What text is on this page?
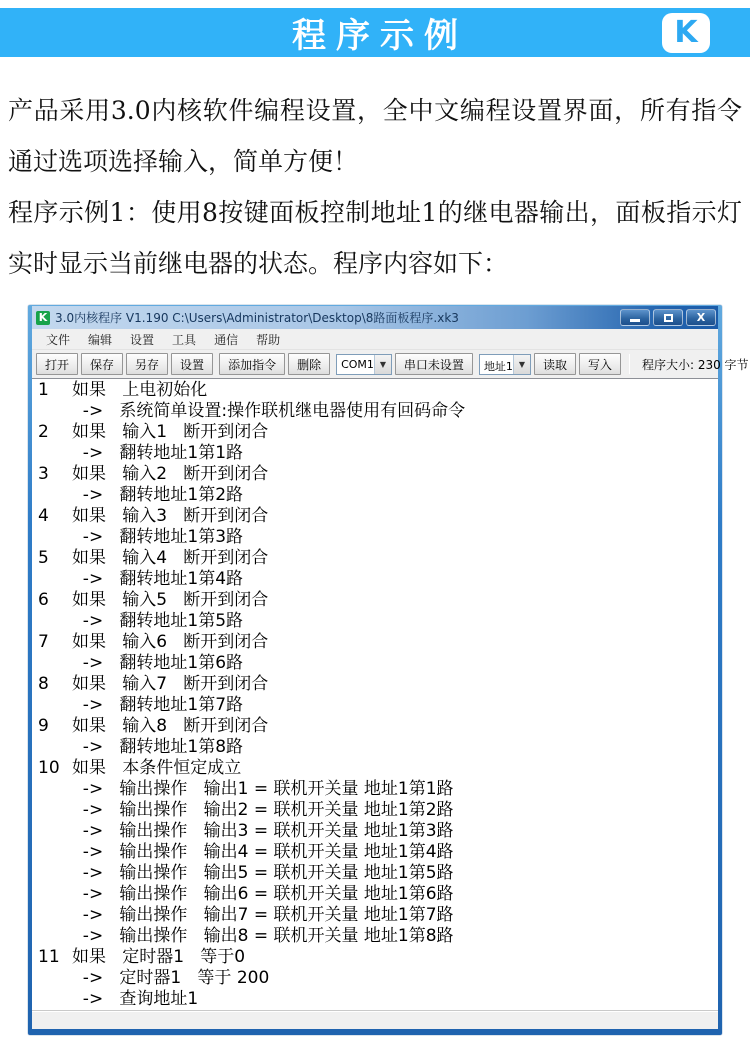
程序示例	K

产品采用3.0内核软件编程设置，全中文编程设置界面，所有指令通过选项选择输入，简单方便！

程序示例1：使用8按键面板控制地址1的继电器输出，面板指示灯实时显示当前继电器的状态。程序内容如下：

K 3.0内核程序 V1.190 C:\Users\Administrator\Desktop\8路面板程序.xk3	X
文件	编辑	设置	工具	通信	帮助
打开	保存	另存	设置	添加指令	删除	COM1 ▼	串口未设置	地址1 ▼	读取	写入	程序大小: 230 字节
1	如果   上电初始化
->   系统简单设置:操作联机继电器使用有回码命令
2	如果   输入1   断开到闭合
->   翻转地址1第1路
3	如果   输入2   断开到闭合
->   翻转地址1第2路
4	如果   输入3   断开到闭合
->   翻转地址1第3路
5	如果   输入4   断开到闭合
->   翻转地址1第4路
6	如果   输入5   断开到闭合
->   翻转地址1第5路
7	如果   输入6   断开到闭合
->   翻转地址1第6路
8	如果   输入7   断开到闭合
->   翻转地址1第7路
9	如果   输入8   断开到闭合
->   翻转地址1第8路
10 如果   本条件恒定成立
->   输出操作   输出1 = 联机开关量 地址1第1路
->   输出操作   输出2 = 联机开关量 地址1第2路
->   输出操作   输出3 = 联机开关量 地址1第3路
->   输出操作   输出4 = 联机开关量 地址1第4路
->   输出操作   输出5 = 联机开关量 地址1第5路
->   输出操作   输出6 = 联机开关量 地址1第6路
->   输出操作   输出7 = 联机开关量 地址1第7路
->   输出操作   输出8 = 联机开关量 地址1第8路
11 如果   定时器1   等于0
->   定时器1   等于 200
->   查询地址1
